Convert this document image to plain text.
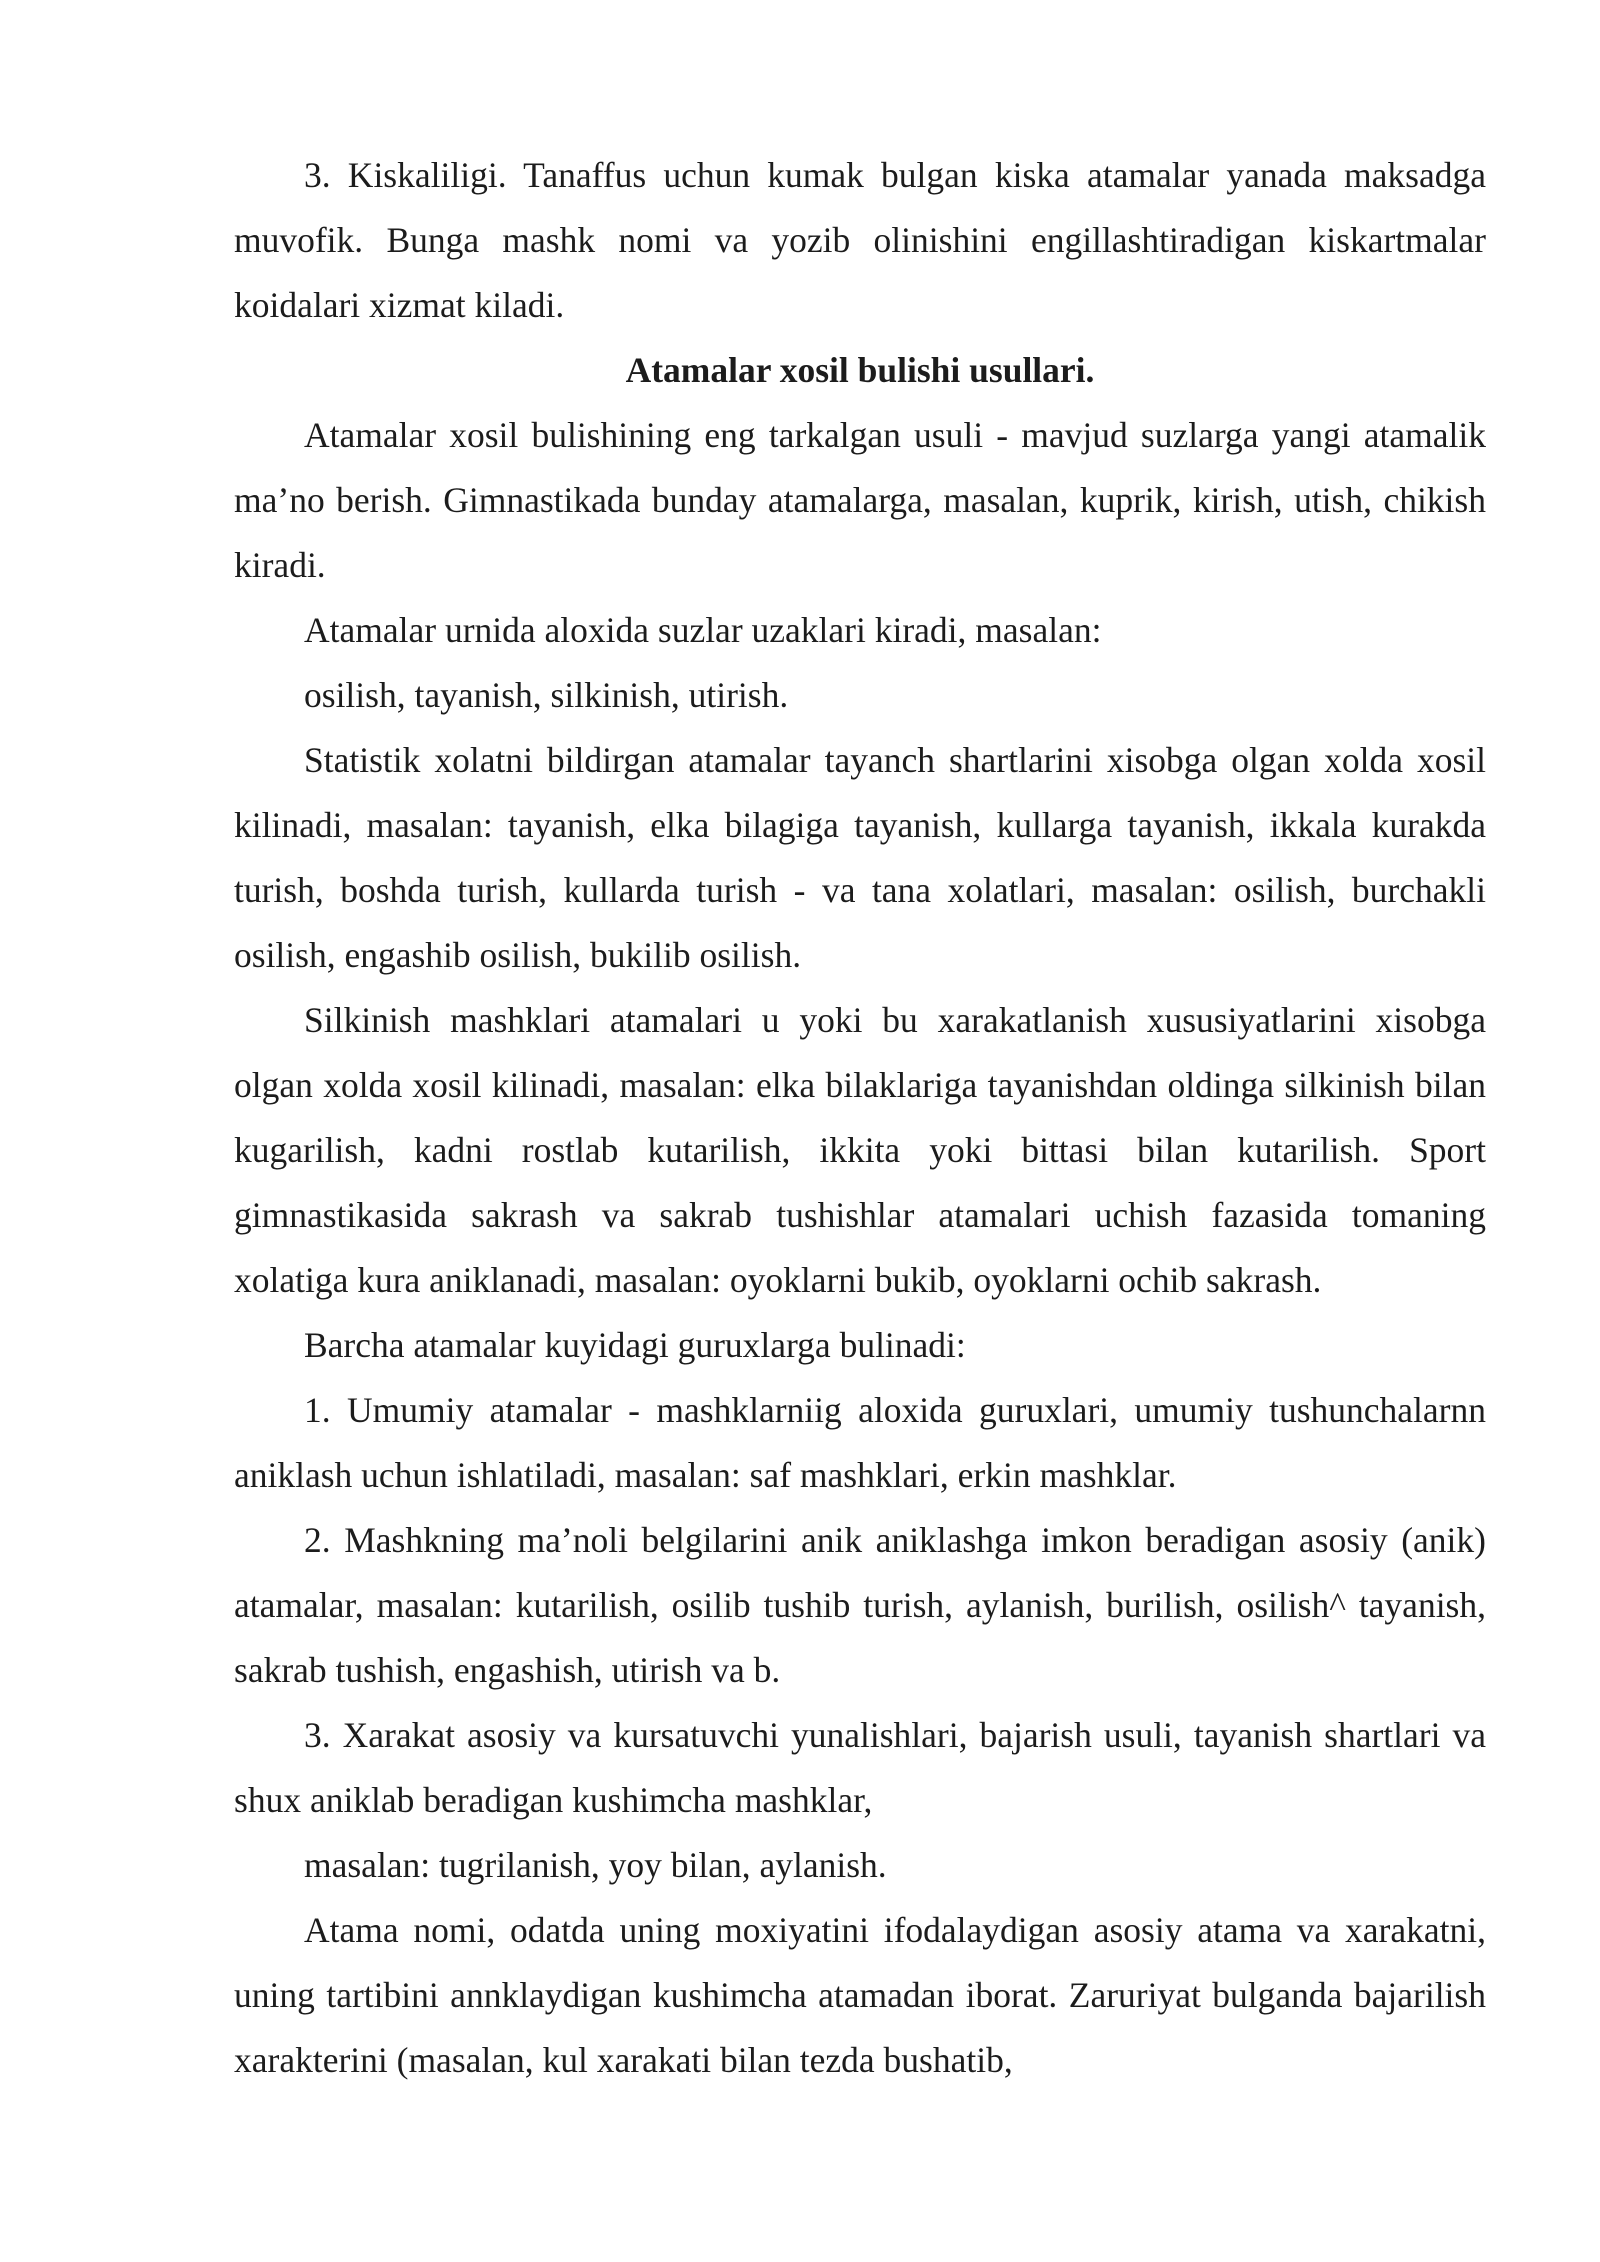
3. Kiskaliligi. Tanaffus uchun kumak bulgan kiska atamalar yanada maksadga muvofik. Bunga mashk nomi va yozib olinishini engillashtiradigan kiskartmalar koidalari xizmat kiladi.

Atamalar xosil bulishi usullari.

Atamalar xosil bulishining eng tarkalgan usuli - mavjud suzlarga yangi atamalik ma’no berish. Gimnastikada bunday atamalarga, masalan, kuprik, kirish, utish, chikish kiradi.

Atamalar urnida aloxida suzlar uzaklari kiradi, masalan:

osilish, tayanish, silkinish, utirish.

Statistik xolatni bildirgan atamalar tayanch shartlarini xisobga olgan xolda xosil kilinadi, masalan: tayanish, elka bilagiga tayanish, kullarga tayanish, ikkala kurakda turish, boshda turish, kullarda turish - va tana xolatlari, masalan: osilish, burchakli osilish, engashib osilish, bukilib osilish.

Silkinish mashklari atamalari u yoki bu xarakatlanish xususiyatlarini xisobga olgan xolda xosil kilinadi, masalan: elka bilaklariga tayanishdan oldinga silkinish bilan kugarilish, kadni rostlab kutarilish, ikkita yoki bittasi bilan kutarilish. Sport gimnastikasida sakrash va sakrab tushishlar atamalari uchish fazasida tomaning xolatiga kura aniklanadi, masalan: oyoklarni bukib, oyoklarni ochib sakrash.

Barcha atamalar kuyidagi guruxlarga bulinadi:

1. Umumiy atamalar - mashklarniig aloxida guruxlari, umumiy tushunchalarnn aniklash uchun ishlatiladi, masalan: saf mashklari, erkin mashklar.

2. Mashkning ma’noli belgilarini anik aniklashga imkon beradigan asosiy (anik) atamalar, masalan: kutarilish, osilib tushib turish, aylanish, burilish, osilish^ tayanish, sakrab tushish, engashish, utirish va b.

3. Xarakat asosiy va kursatuvchi yunalishlari, bajarish usuli, tayanish shartlari va shux aniklab beradigan kushimcha mashklar,

masalan: tugrilanish, yoy bilan, aylanish.

Atama nomi, odatda uning moxiyatini ifodalaydigan asosiy atama va xarakatni, uning tartibini annklaydigan kushimcha atamadan iborat. Zaruriyat bulganda bajarilish xarakterini (masalan, kul xarakati bilan tezda bushatib,
